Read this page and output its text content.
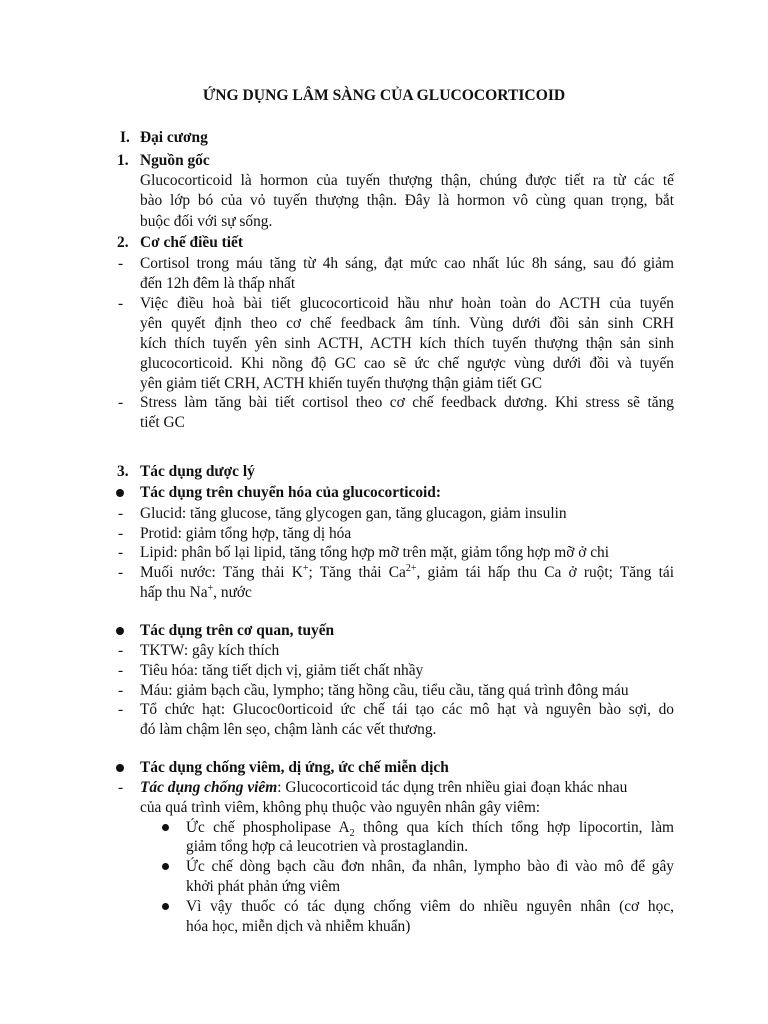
ỨNG DỤNG LÂM SÀNG CỦA GLUCOCORTICOID
I. Đại cương
1. Nguồn gốc
Glucocorticoid là hormon của tuyến thượng thận, chúng được tiết ra từ các tế
bào lớp bó của vỏ tuyến thượng thận. Đây là hormon vô cùng quan trọng, bắt
buộc đối với sự sống.
2. Cơ chế điều tiết
- Cortisol trong máu tăng từ 4h sáng, đạt mức cao nhất lúc 8h sáng, sau đó giảm
đến 12h đêm là thấp nhất
- Việc điều hoà bài tiết glucocorticoid hầu như hoàn toàn do ACTH của tuyến
yên quyết định theo cơ chế feedback âm tính. Vùng dưới đồi sản sinh CRH
kích thích tuyến yên sinh ACTH, ACTH kích thích tuyến thượng thận sản sinh
glucocorticoid. Khi nồng độ GC cao sẽ ức chế ngược vùng dưới đồi và tuyến
yên giảm tiết CRH, ACTH khiến tuyến thượng thận giảm tiết GC
- Stress làm tăng bài tiết cortisol theo cơ chế feedback dương. Khi stress sẽ tăng
tiết GC
3. Tác dụng dược lý
Tác dụng trên chuyển hóa của glucocorticoid:
- Glucid: tăng glucose, tăng glycogen gan, tăng glucagon, giảm insulin
- Protid: giảm tổng hợp, tăng dị hóa
- Lipid: phân bố lại lipid, tăng tổng hợp mỡ trên mặt, giảm tổng hợp mỡ ở chi
- Muối nước: Tăng thải K+; Tăng thải $Ca^{2+}$, giảm tái hấp thu Ca ở ruột; Tăng tái
hấp thu Na+, nước
Tác dụng trên cơ quan, tuyến
- TKTW: gây kích thích
- Tiêu hóa: tăng tiết dịch vị, giảm tiết chất nhầy
- Máu: giảm bạch cầu, lympho; tăng hồng cầu, tiểu cầu, tăng quá trình đông máu
- Tổ chức hạt: Glucoc0orticoid ức chế tái tạo các mô hạt và nguyên bào sợi, do
đó làm chậm lên sẹo, chậm lành các vết thương.
Tác dụng chống viêm, dị ứng, ức chế miễn dịch
- Tác dụng chống viêm: Glucocorticoid tác dụng trên nhiều giai đoạn khác nhau
của quá trình viêm, không phụ thuộc vào nguyên nhân gây viêm:
Ức chế phospholipase $A_2$ thông qua kích thích tổng hợp lipocortin, làm
giảm tổng hợp cả leucotrien và prostaglandin.
Ức chế dòng bạch cầu đơn nhân, đa nhân, lympho bào đi vào mô để gây
khởi phát phản ứng viêm
Vì vậy thuốc có tác dụng chống viêm do nhiều nguyên nhân (cơ học,
hóa học, miễn dịch và nhiễm khuẩn)
